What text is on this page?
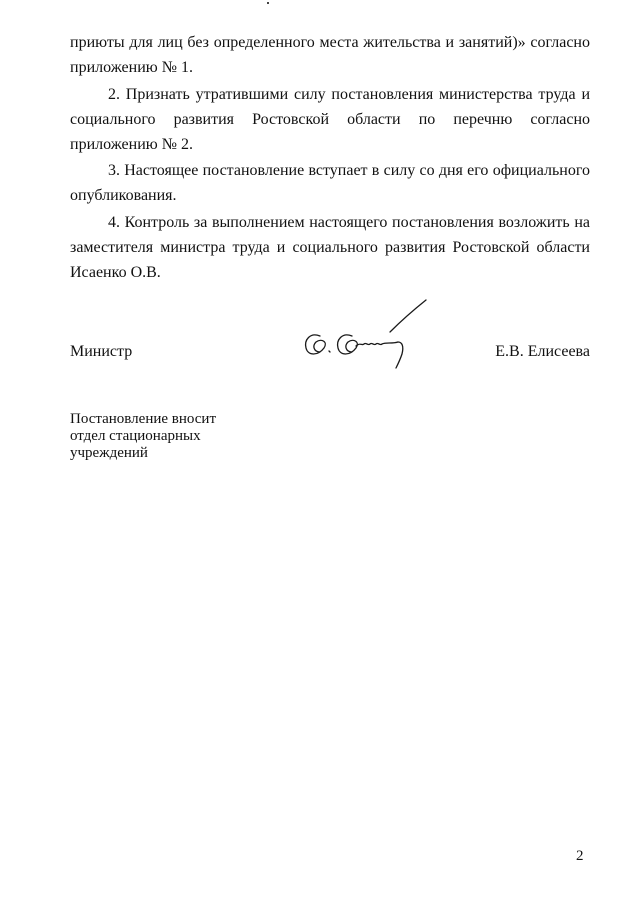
приюты для лиц без определенного места жительства и занятий)» согласно приложению № 1.

2. Признать утратившими силу постановления министерства труда и социального развития Ростовской области по перечню согласно приложению № 2.

3. Настоящее постановление вступает в силу со дня его официального опубликования.

4. Контроль за выполнением настоящего постановления возложить на заместителя министра труда и социального развития Ростовской области Исаенко О.В.

Министр	Е.В. Елисеева
Постановление вносит
отдел стационарных
учреждений
2
